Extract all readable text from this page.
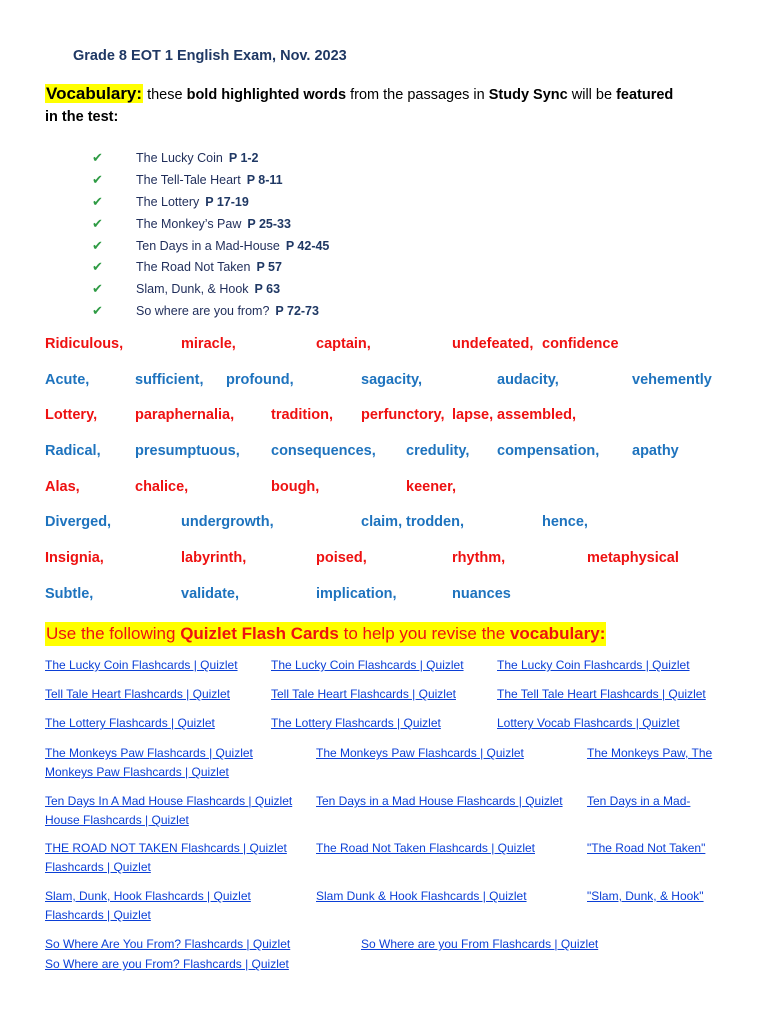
Grade 8 EOT 1 English Exam, Nov. 2023
Vocabulary: these bold highlighted words from the passages in Study Sync will be featured
in the test:
✔	The Lucky Coin P 1-2
✔	The Tell-Tale Heart P 8-11
✔	The Lottery P 17-19
✔	The Monkey’s Paw P 25-33
✔	Ten Days in a Mad-House P 42-45
✔	The Road Not Taken P 57
✔	Slam, Dunk, & Hook P 63
✔	So where are you from? P 72-73
Ridiculous,	miracle,	captain,	undefeated, confidence
Acute,	sufficient, profound,	sagacity,	audacity,	vehemently
Lottery,	paraphernalia,	tradition, perfunctory, lapse, assembled,
Radical, presumptuous, consequences, credulity, compensation, apathy
Alas,	chalice,	bough,	keener,
Diverged,	undergrowth,	claim, trodden,	hence,
Insignia,	labyrinth,	poised,	rhythm,	metaphysical
Subtle,	validate,	implication,	nuances
Use the following Quizlet Flash Cards to help you revise the vocabulary:
The Lucky Coin Flashcards | Quizlet	The Lucky Coin Flashcards | Quizlet	The Lucky Coin Flashcards | Quizlet
Tell Tale Heart Flashcards | Quizlet	Tell Tale Heart Flashcards | Quizlet	The Tell Tale Heart Flashcards | Quizlet
The Lottery Flashcards | Quizlet	The Lottery Flashcards | Quizlet	Lottery Vocab Flashcards | Quizlet
The Monkeys Paw Flashcards | Quizlet	The Monkeys Paw Flashcards | Quizlet	The Monkeys Paw, The
Monkeys Paw Flashcards | Quizlet
Ten Days In A Mad House Flashcards | Quizlet Ten Days in a Mad House Flashcards | Quizlet Ten Days in a Mad-
House Flashcards | Quizlet
THE ROAD NOT TAKEN Flashcards | Quizlet The Road Not Taken Flashcards | Quizlet	"The Road Not Taken"
Flashcards | Quizlet
Slam, Dunk, Hook Flashcards | Quizlet	Slam Dunk & Hook Flashcards | Quizlet	"Slam, Dunk, & Hook"
Flashcards | Quizlet
So Where Are You From? Flashcards | Quizlet	So Where are you From Flashcards | Quizlet
So Where are you From? Flashcards | Quizlet
